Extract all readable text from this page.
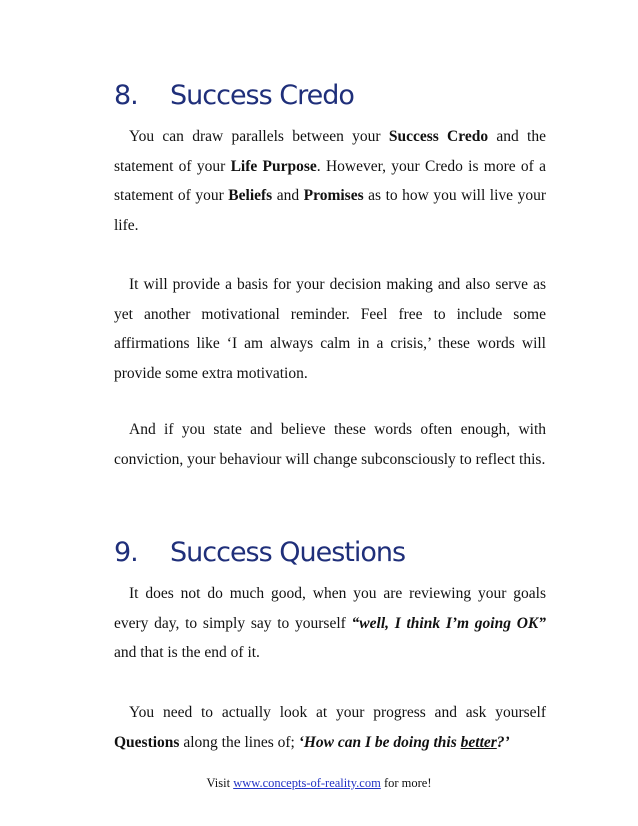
8. Success Credo

You can draw parallels between your Success Credo and the statement of your Life Purpose. However, your Credo is more of a statement of your Beliefs and Promises as to how you will live your life.

It will provide a basis for your decision making and also serve as yet another motivational reminder. Feel free to include some affirmations like ‘I am always calm in a crisis,’ these words will provide some extra motivation.

And if you state and believe these words often enough, with conviction, your behaviour will change subconsciously to reflect this.

9. Success Questions

It does not do much good, when you are reviewing your goals every day, to simply say to yourself “well, I think I’m going OK” and that is the end of it.

You need to actually look at your progress and ask yourself Questions along the lines of; ‘How can I be doing this better?’

Visit www.concepts-of-reality.com for more!
